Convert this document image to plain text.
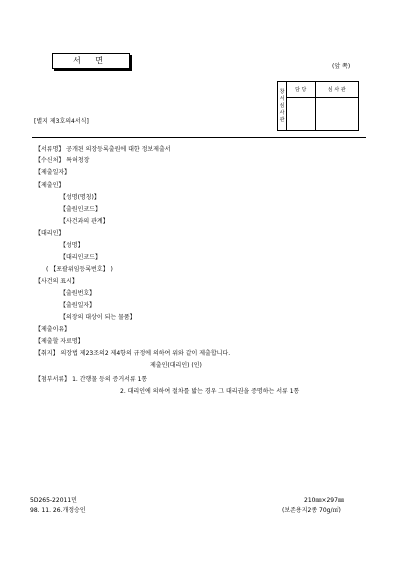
서 면
(앞 쪽)
창
서
심
사
관	담 당	심 사 관

[별지 제3호의4서식]
【서류명】 공개된 의장등록출원에 대한 정보제출서
【수신처】 특허청장
【제출일자】
【제출인】
【성명(명칭)】
【출원인코드】
【사건과의 관계】
【대리인】
【성명】
【대리인코드】
( 【포괄위임등록번호】 )
【사건의 표시】
【출원번호】
【출원일자】
【의장의 대상이 되는 물품】
【제출이유】
【제출할 자료명】
【취지】 의장법 제23조의2 제4항의 규정에 의하여 위와 같이 제출합니다.
제출인(대리인) (인)
【첨부서류】 1. 간행물 등의 증거서류 1통
2. 대리인에 의하여 절차를 밟는 경우 그 대리권을 증명하는 서류 1통
5D265-22011민
98. 11. 26.개정승인
210㎜×297㎜
(보존용지2종 70g/㎡)
